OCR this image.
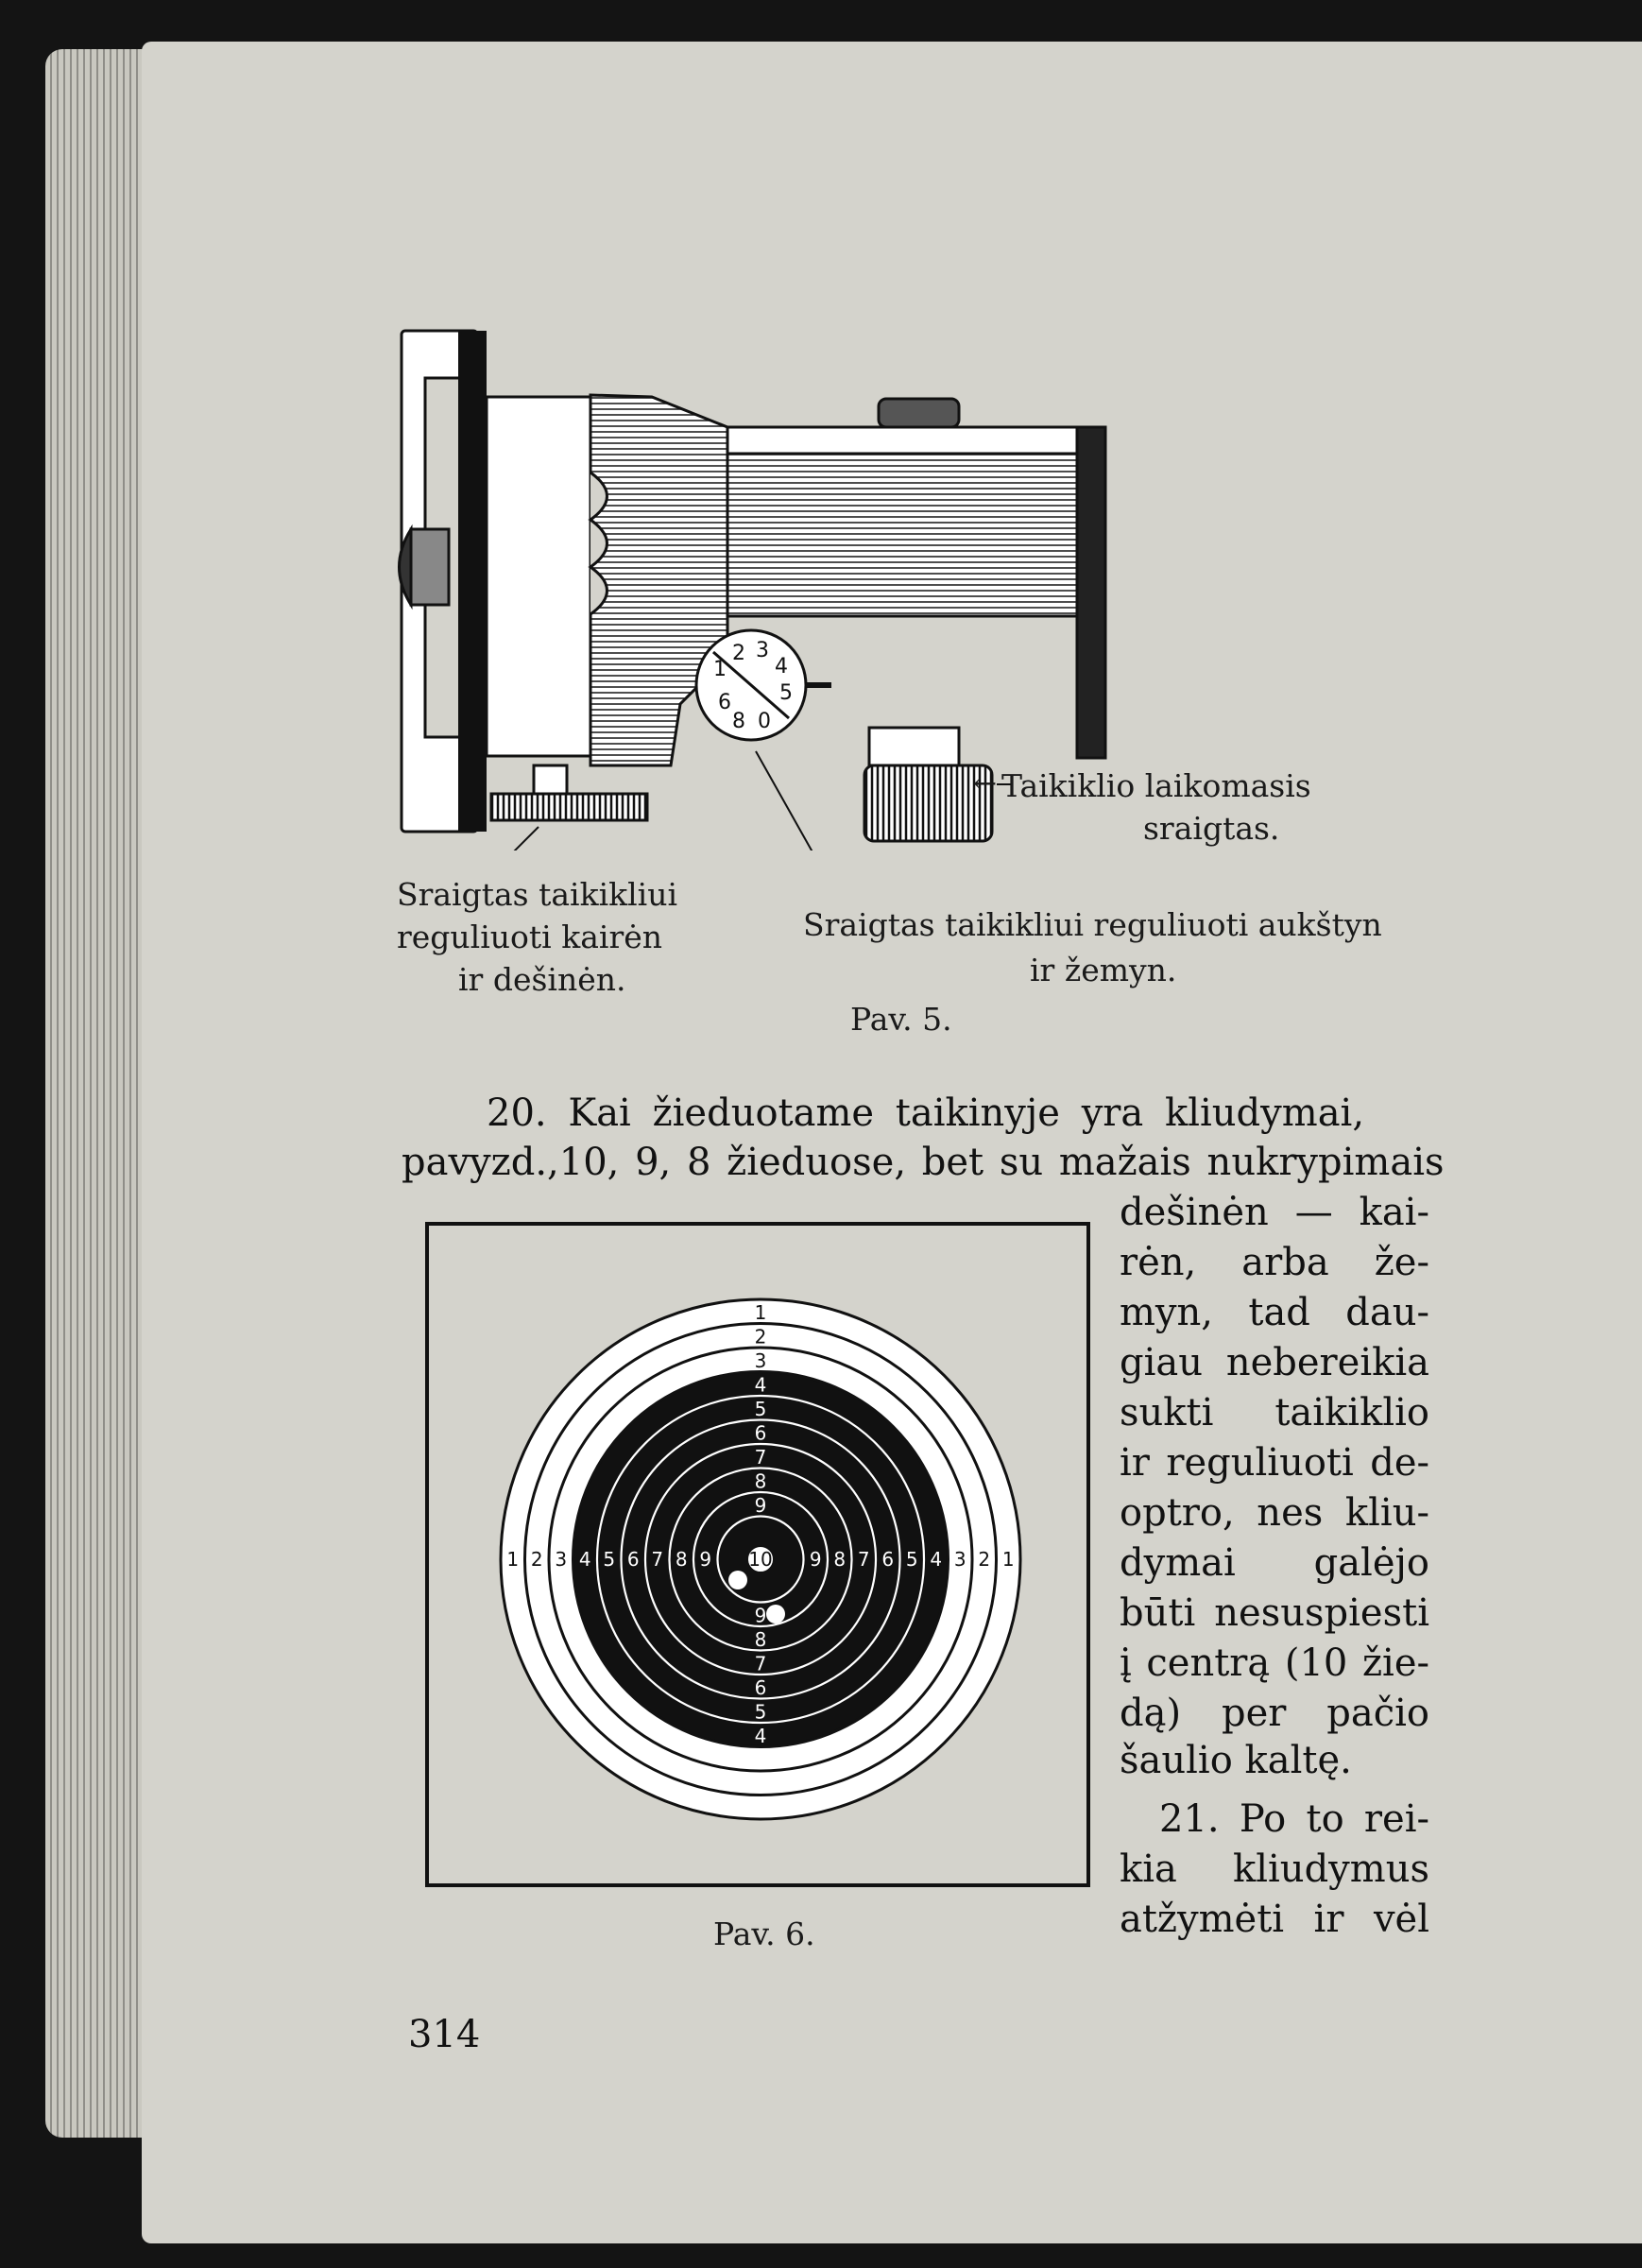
1
2 3
4
5
6
8 0
Taikiklio laikomasis
←
sraigtas.
Sraigtas taikikliui
reguliuoti kairėn
ir dešinėn.
Sraigtas taikikliui reguliuoti aukštyn
ir žemyn.
Pav. 5.
20. Kai žieduotame taikinyje yra kliudymai,
pavyzd.,10, 9, 8 žieduose, bet su mažais nukrypimais
dešinėn — kai-
rėn, arba že-
myn, tad dau-
giau nebereikia
sukti taikiklio
ir reguliuoti de-
optro, nes kliu-
dymai galėjo
būti nesuspiesti
į centrą (10 žie-
dą) per pačio
šaulio kaltę.
21. Po to rei-
kia kliudymus
atžymėti ir vėl
1
2
3
4
5
6
7
8
9
1 2 3 4 5 6 7 8 9	9 8 7 6 5 4 3 2 1
9
8
7
6
5
4
10
Pav. 6.
314
